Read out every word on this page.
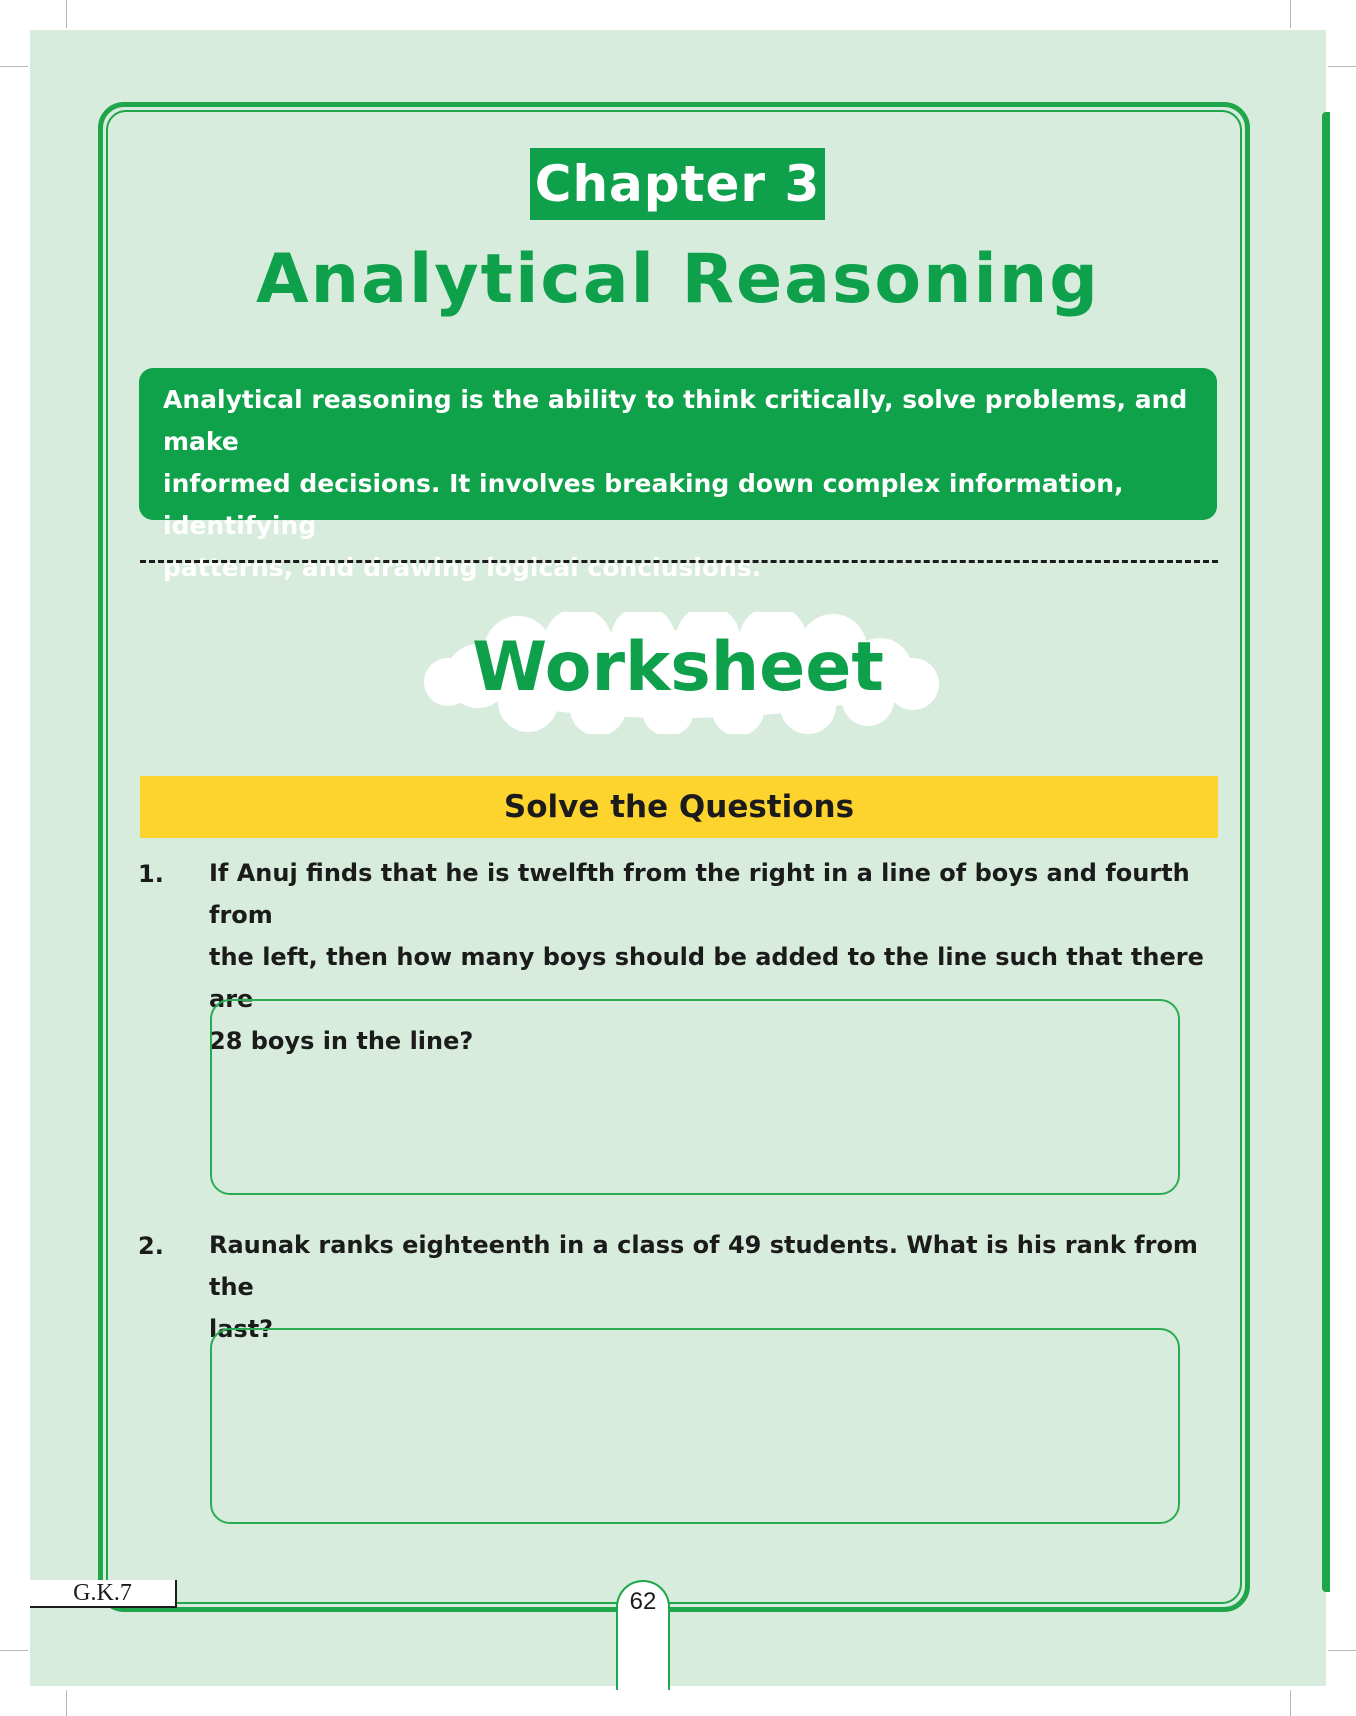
Chapter 3
Analytical Reasoning
Analytical reasoning is the ability to think critically, solve problems, and make
informed decisions. It involves breaking down complex information, identifying
patterns, and drawing logical conclusions.
Worksheet
Solve the Questions
1. If Anuj finds that he is twelfth from the right in a line of boys and fourth from
the left, then how many boys should be added to the line such that there are
28 boys in the line?
2. Raunak ranks eighteenth in a class of 49 students. What is his rank from the
last?
G.K.7	62
